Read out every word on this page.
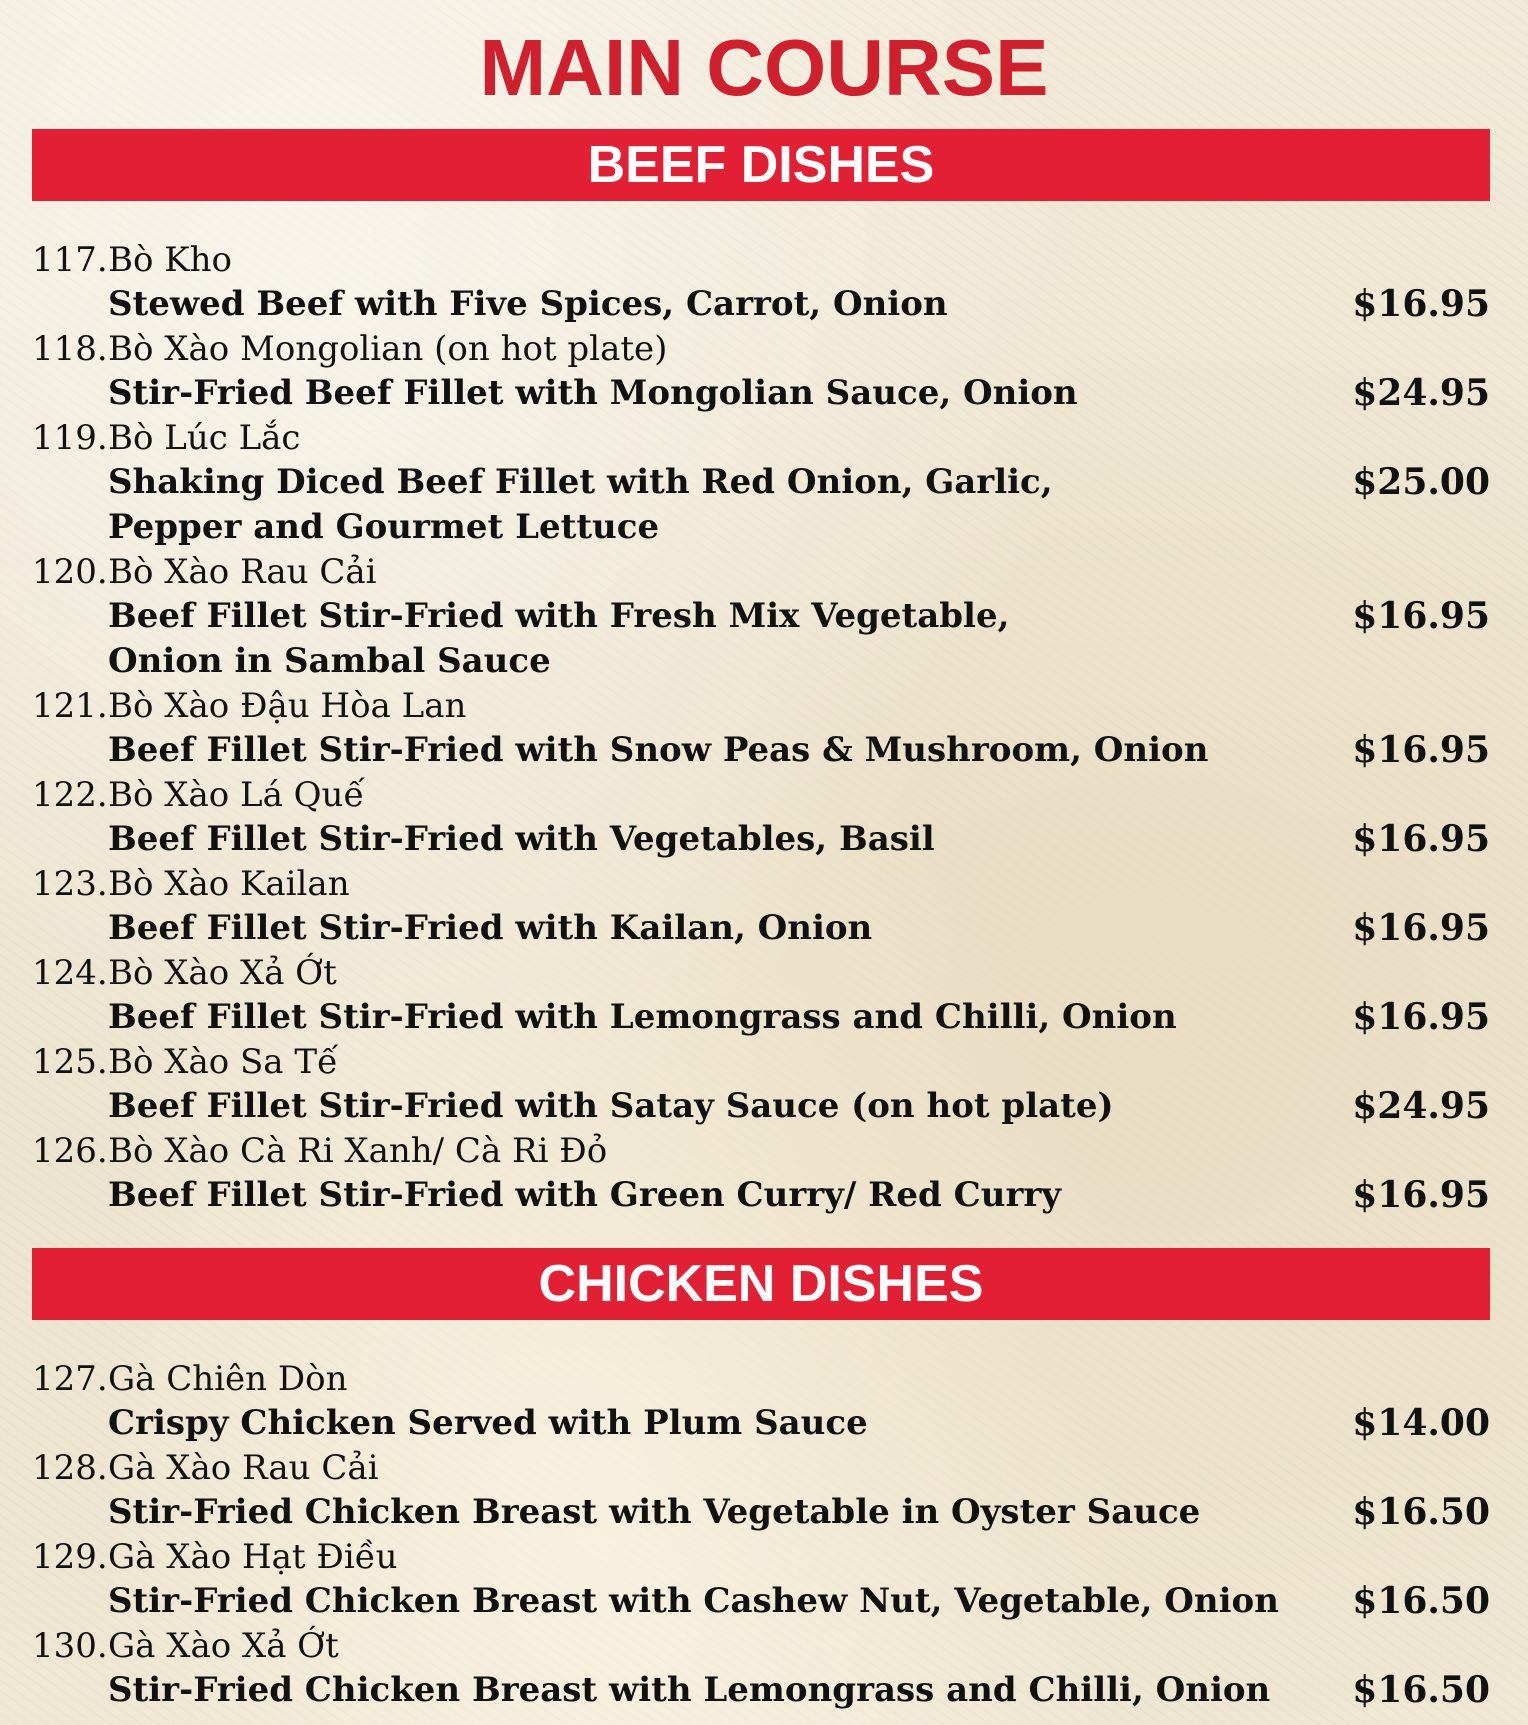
MAIN COURSE
BEEF DISHES
117.Bò Kho
Stewed Beef with Five Spices, Carrot, Onion	$16.95
118.Bò Xào Mongolian (on hot plate)
Stir-Fried Beef Fillet with Mongolian Sauce, Onion	$24.95
119.Bò Lúc Lắc
Shaking Diced Beef Fillet with Red Onion, Garlic,
Pepper and Gourmet Lettuce
$25.00
120.Bò Xào Rau Cải
Beef Fillet Stir-Fried with Fresh Mix Vegetable,
Onion in Sambal Sauce
$16.95
121.Bò Xào Đậu Hòa Lan
Beef Fillet Stir-Fried with Snow Peas & Mushroom, Onion	$16.95
122.Bò Xào Lá Quế
Beef Fillet Stir-Fried with Vegetables, Basil	$16.95
123.Bò Xào Kailan
Beef Fillet Stir-Fried with Kailan, Onion	$16.95
124.Bò Xào Xả Ớt
Beef Fillet Stir-Fried with Lemongrass and Chilli, Onion	$16.95
125.Bò Xào Sa Tế
Beef Fillet Stir-Fried with Satay Sauce (on hot plate)	$24.95
126.Bò Xào Cà Ri Xanh/ Cà Ri Đỏ
Beef Fillet Stir-Fried with Green Curry/ Red Curry	$16.95
CHICKEN DISHES
127.Gà Chiên Dòn
Crispy Chicken Served with Plum Sauce	$14.00
128.Gà Xào Rau Cải
Stir-Fried Chicken Breast with Vegetable in Oyster Sauce	$16.50
129.Gà Xào Hạt Điều
Stir-Fried Chicken Breast with Cashew Nut, Vegetable, Onion $16.50
130.Gà Xào Xả Ớt
Stir-Fried Chicken Breast with Lemongrass and Chilli, Onion	$16.50
